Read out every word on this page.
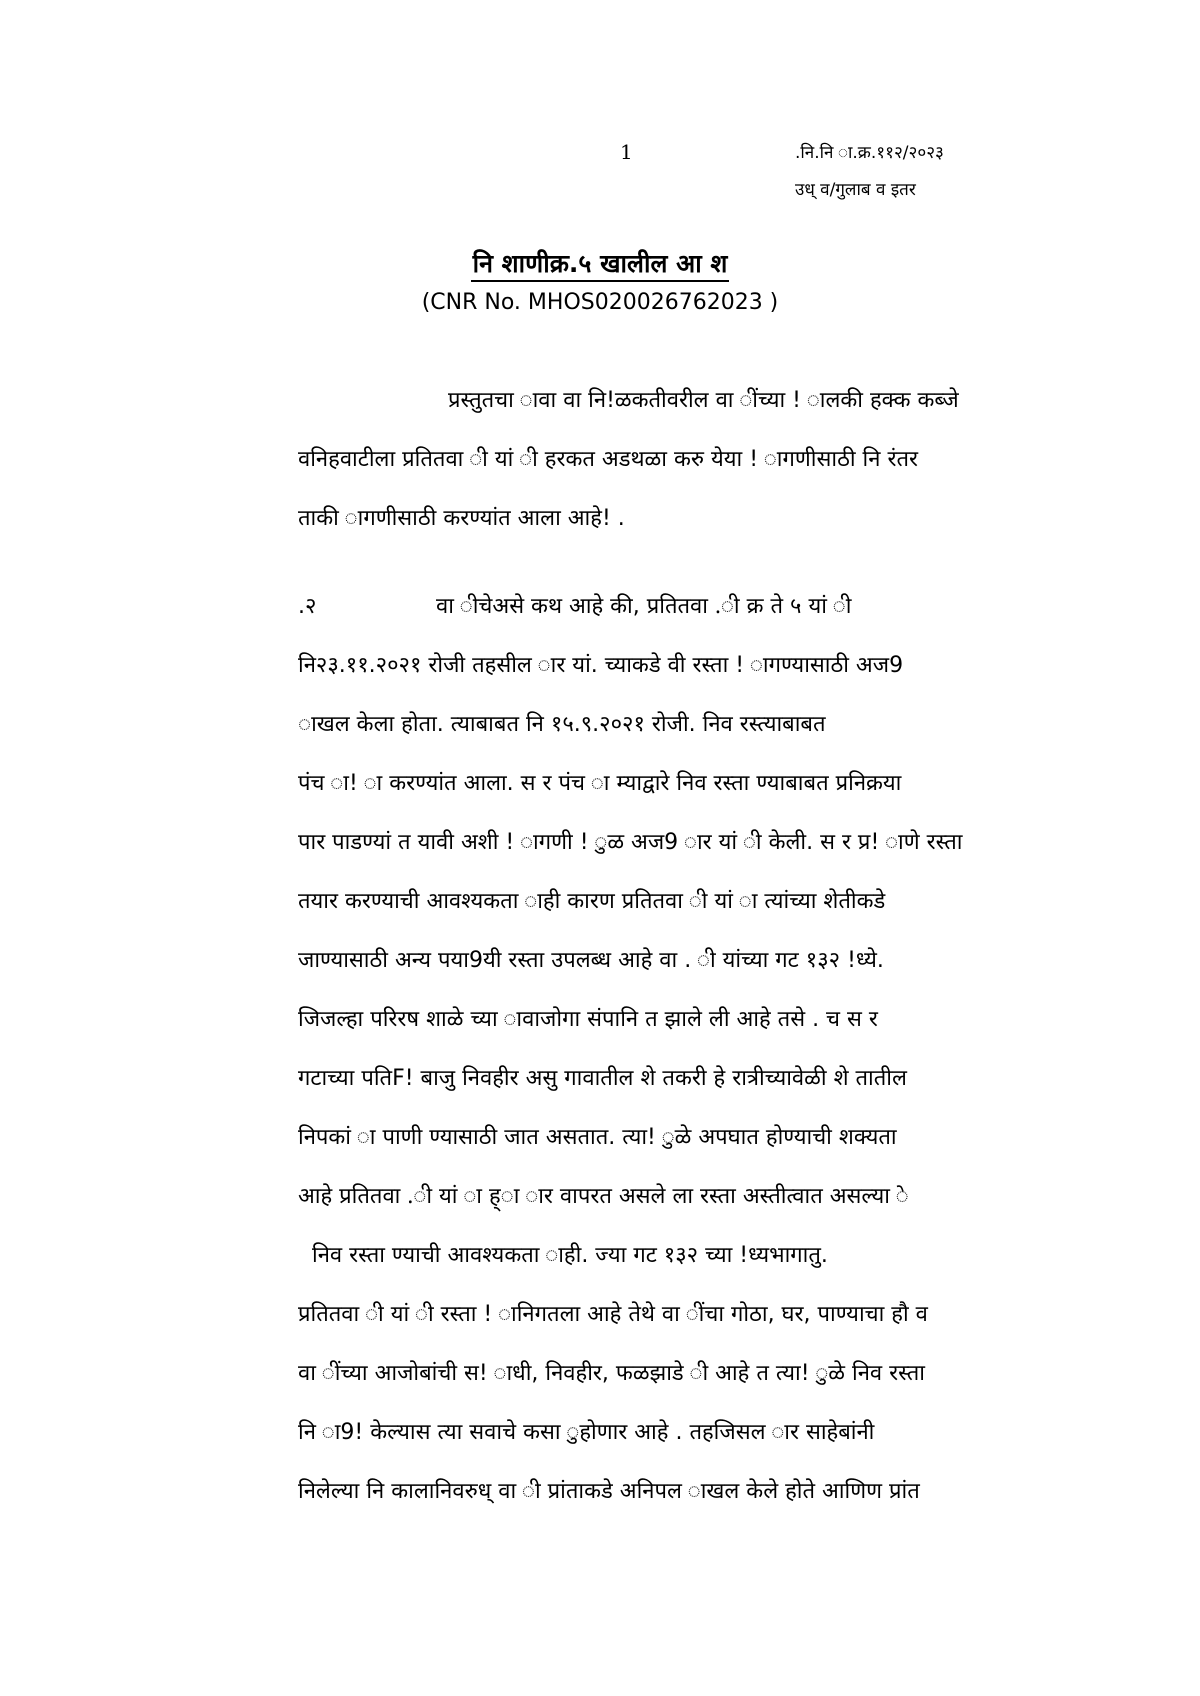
1	.नि.नि ा.क्र.११२/२०२३
उध् व/गुलाब व इतर
नि शाणीक्र.५ खालील आ श
(CNR No. MHOS020026762023 )
प्रस्तुतचा ावा वा नि!ळकतीवरील वा ींच्या ! ालकी हक्क कब्जे
वनिहवाटीला प्रतितवा ी यां ी हरकत अडथळा करु येया ! ागणीसाठी नि रंतर
ताकी ागणीसाठी करण्यांत आला आहे! .
.२	वा ीचेअसे कथ आहे की, प्रतितवा .ी क्र ते ५ यां ी
नि२३.११.२०२१ रोजी तहसील ार यां. च्याकडे वी रस्ता ! ागण्यासाठी अज9
ाखल केला होता. त्याबाबत नि १५.९.२०२१ रोजी. निव रस्त्याबाबत
पंच ा! ा करण्यांत आला. स र पंच ा म्याद्वारे निव रस्ता ण्याबाबत प्रनिक्रया
पार पाडण्यां त यावी अशी ! ागणी ! ुळ अज9 ार यां ी केली. स र प्र! ाणे रस्ता
तयार करण्याची आवश्यकता ाही कारण प्रतितवा ी यां ा त्यांच्या शेतीकडे
जाण्यासाठी अन्य पया9यी रस्ता उपलब्ध आहे वा . ी यांच्या गट १३२ !ध्ये.
जिजल्हा परिरष शाळे च्या ावाजोगा संपानि त झाले ली आहे तसे . च स र
गटाच्या पतिF! बाजु निवहीर असु गावातील शे तकरी हे रात्रीच्यावेळी शे तातील
निपकां ा पाणी ण्यासाठी जात असतात. त्या! ुळे अपघात होण्याची शक्यता
आहे प्रतितवा .ी यां ा ह्ा ार वापरत असले ला रस्ता अस्तीत्वात असल्या े
निव रस्ता ण्याची आवश्यकता ाही. ज्या गट १३२ च्या !ध्यभागातु.
प्रतितवा ी यां ी रस्ता ! ानिगतला आहे तेथे वा ींचा गोठा, घर, पाण्याचा हौ व
वा ींच्या आजोबांची स! ाधी, निवहीर, फळझाडे ी आहे त त्या! ुळे निव रस्ता
नि ा9! केल्यास त्या सवाचे कसा ुहोणार आहे . तहजिसल ार साहेबांनी
निलेल्या नि कालानिवरुध् वा ी प्रांताकडे अनिपल ाखल केले होते आणिण प्रांत
